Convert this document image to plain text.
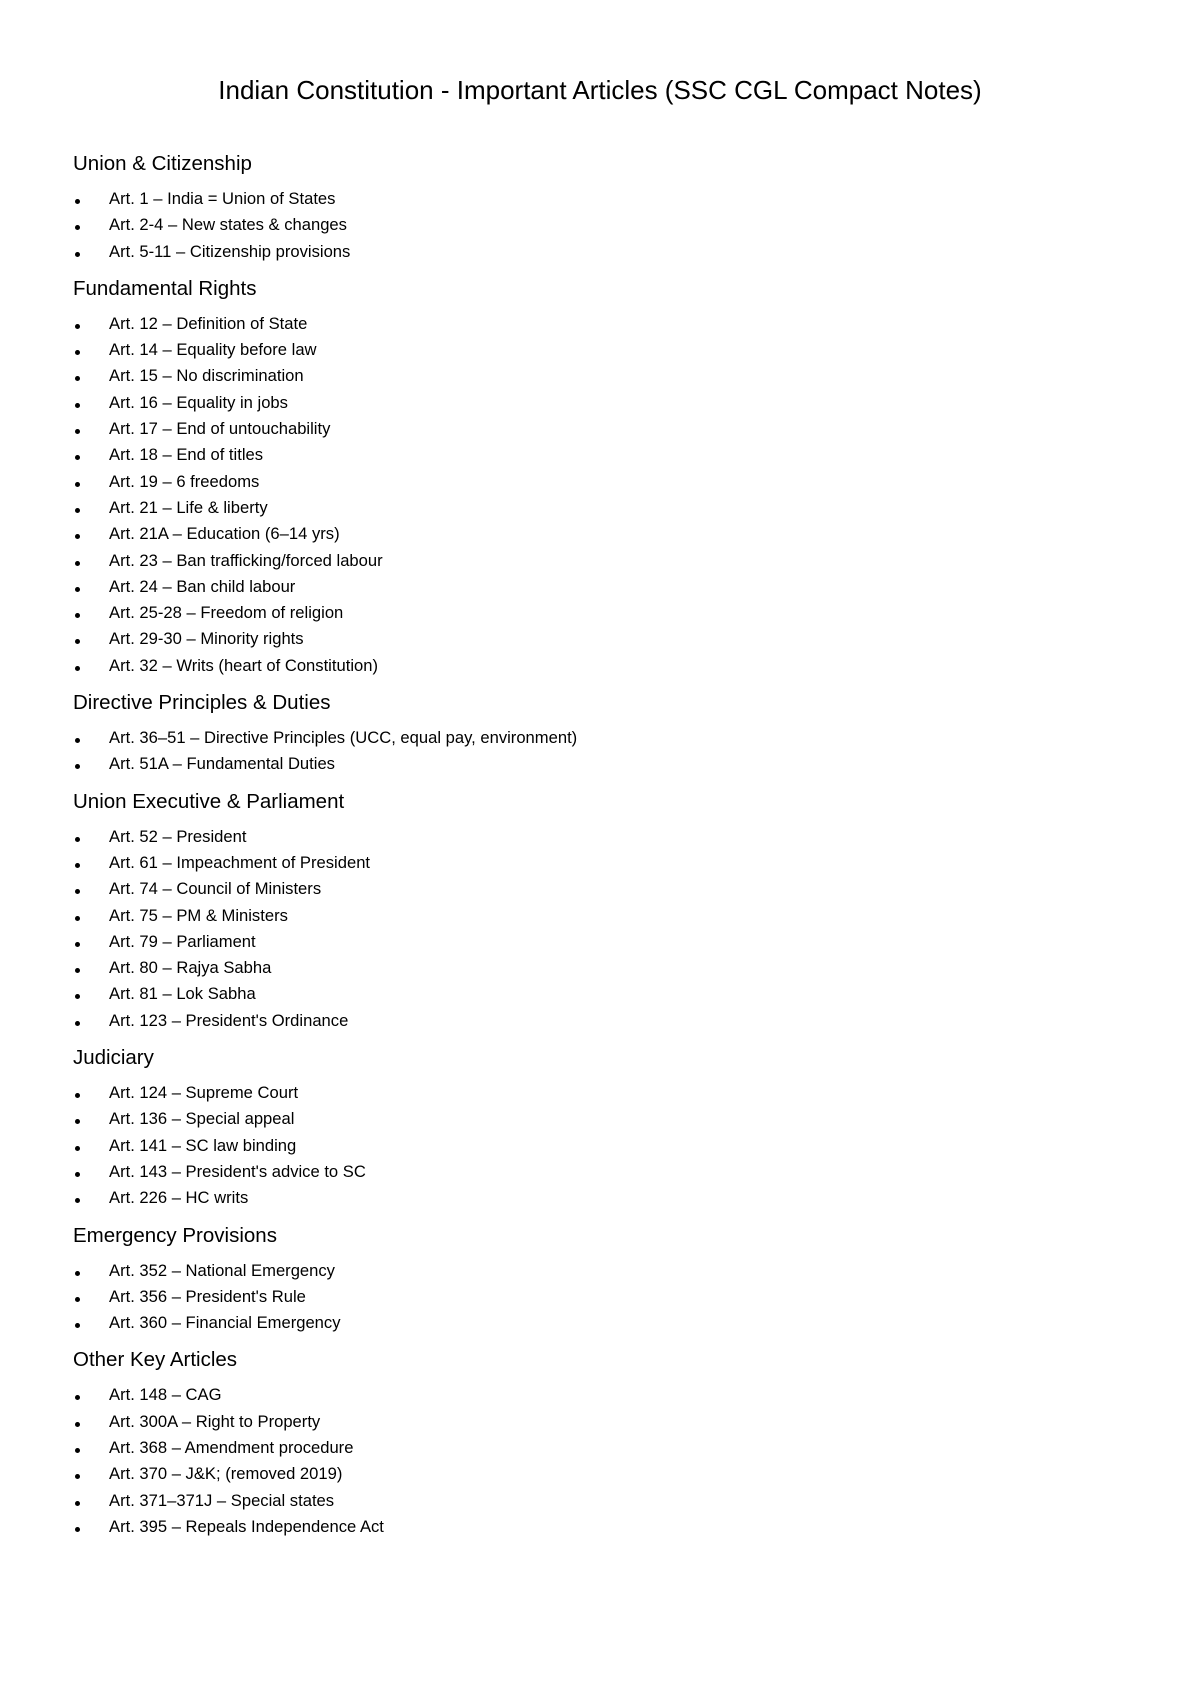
Indian Constitution - Important Articles (SSC CGL Compact Notes)
Union & Citizenship
Art. 1 – India = Union of States
Art. 2-4 – New states & changes
Art. 5-11 – Citizenship provisions
Fundamental Rights
Art. 12 – Definition of State
Art. 14 – Equality before law
Art. 15 – No discrimination
Art. 16 – Equality in jobs
Art. 17 – End of untouchability
Art. 18 – End of titles
Art. 19 – 6 freedoms
Art. 21 – Life & liberty
Art. 21A – Education (6–14 yrs)
Art. 23 – Ban trafficking/forced labour
Art. 24 – Ban child labour
Art. 25-28 – Freedom of religion
Art. 29-30 – Minority rights
Art. 32 – Writs (heart of Constitution)
Directive Principles & Duties
Art. 36–51 – Directive Principles (UCC, equal pay, environment)
Art. 51A – Fundamental Duties
Union Executive & Parliament
Art. 52 – President
Art. 61 – Impeachment of President
Art. 74 – Council of Ministers
Art. 75 – PM & Ministers
Art. 79 – Parliament
Art. 80 – Rajya Sabha
Art. 81 – Lok Sabha
Art. 123 – President's Ordinance
Judiciary
Art. 124 – Supreme Court
Art. 136 – Special appeal
Art. 141 – SC law binding
Art. 143 – President's advice to SC
Art. 226 – HC writs
Emergency Provisions
Art. 352 – National Emergency
Art. 356 – President's Rule
Art. 360 – Financial Emergency
Other Key Articles
Art. 148 – CAG
Art. 300A – Right to Property
Art. 368 – Amendment procedure
Art. 370 – J&K; (removed 2019)
Art. 371–371J – Special states
Art. 395 – Repeals Independence Act
